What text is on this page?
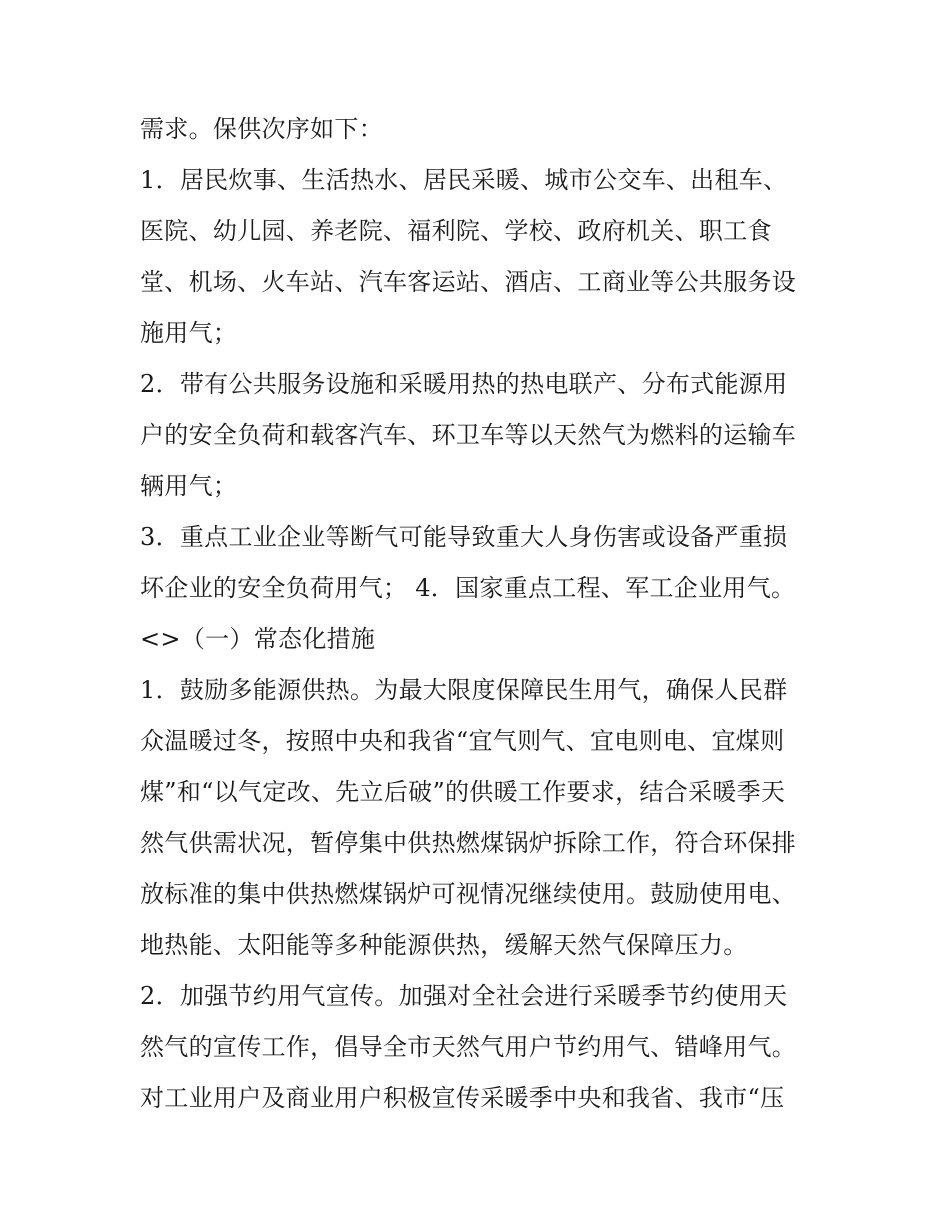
需求。保供次序如下：
1．居民炊事、生活热水、居民采暖、城市公交车、出租车、
医院、幼儿园、养老院、福利院、学校、政府机关、职工食
堂、机场、火车站、汽车客运站、酒店、工商业等公共服务设
施用气；
2．带有公共服务设施和采暖用热的热电联产、分布式能源用
户的安全负荷和载客汽车、环卫车等以天然气为燃料的运输车
辆用气；
3．重点工业企业等断气可能导致重大人身伤害或设备严重损
坏企业的安全负荷用气； 4．国家重点工程、军工企业用气。
<>（一）常态化措施
1．鼓励多能源供热。为最大限度保障民生用气，确保人民群
众温暖过冬，按照中央和我省“宜气则气、宜电则电、宜煤则
煤”和“以气定改、先立后破”的供暖工作要求，结合采暖季天
然气供需状况，暂停集中供热燃煤锅炉拆除工作，符合环保排
放标准的集中供热燃煤锅炉可视情况继续使用。鼓励使用电、
地热能、太阳能等多种能源供热，缓解天然气保障压力。
2．加强节约用气宣传。加强对全社会进行采暖季节约使用天
然气的宣传工作，倡导全市天然气用户节约用气、错峰用气。
对工业用户及商业用户积极宣传采暖季中央和我省、我市“压
